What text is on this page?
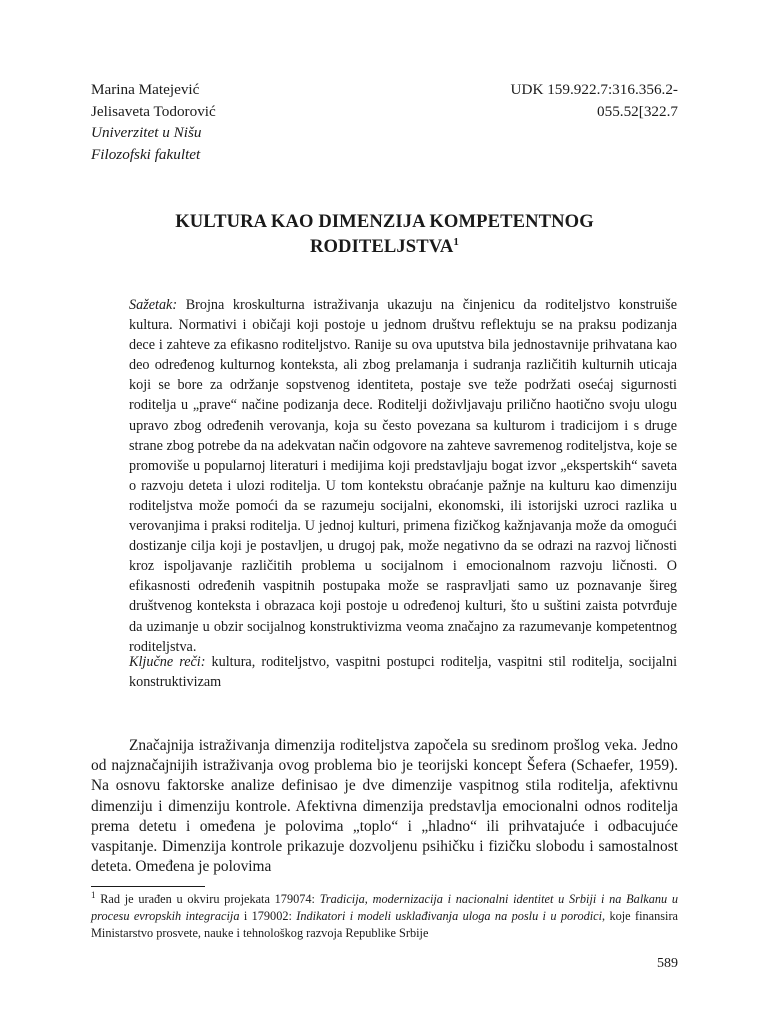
Marina Matejević
Jelisaveta Todorović
Univerzitet u Nišu
Filozofski fakultet
UDK 159.922.7:316.356.2-
055.52[322.7
KULTURA KAO DIMENZIJA KOMPETENTNOG
RODITELJSTVA$^1$

Sažetak: Brojna kroskulturna istraživanja ukazuju na činjenicu da roditeljstvo konstruiše kultura. Normativi i običaji koji postoje u jednom društvu reflektuju se na praksu podizanja dece i zahteve za efikasno roditeljstvo. Ranije su ova uputstva bila jednostavnije prihvatana kao deo određenog kulturnog konteksta, ali zbog prelamanja i sudranja različitih kulturnih uticaja koji se bore za održanje sopstvenog identiteta, postaje sve teže podržati osećaj sigurnosti roditelja u „prave“ načine podizanja dece. Roditelji doživljavaju prilično haotično svoju ulogu upravo zbog određenih verovanja, koja su često povezana sa kulturom i tradicijom i s druge strane zbog potrebe da na adekvatan način odgovore na zahteve savremenog roditeljstva, koje se promoviše u popularnoj literaturi i medijima koji predstavljaju bogat izvor „ekspertskih“ saveta o razvoju deteta i ulozi roditelja. U tom kontekstu obraćanje pažnje na kulturu kao dimenziju roditeljstva može pomoći da se razumeju socijalni, ekonomski, ili istorijski uzroci razlika u verovanjima i praksi roditelja. U jednoj kulturi, primena fizičkog kažnjavanja može da omogući dostizanje cilja koji je postavljen, u drugoj pak, može negativno da se odrazi na razvoj ličnosti kroz ispoljavanje različitih problema u socijalnom i emocionalnom razvoju ličnosti. O efikasnosti određenih vaspitnih postupaka može se raspravljati samo uz poznavanje šireg društvenog konteksta i obrazaca koji postoje u određenoj kulturi, što u suštini zaista potvrđuje da uzimanje u obzir socijalnog konstruktivizma veoma značajno za razumevanje kompetentnog roditeljstva.

Ključne reči: kultura, roditeljstvo, vaspitni postupci roditelja, vaspitni stil roditelja, socijalni konstruktivizam

Značajnija istraživanja dimenzija roditeljstva započela su sredinom prošlog veka. Jedno od najznačajnijih istraživanja ovog problema bio je teorijski koncept Šefera (Schaefer, 1959). Na osnovu faktorske analize definisao je dve dimenzije vaspitnog stila roditelja, afektivnu dimenziju i dimenziju kontrole. Afektivna dimenzija predstavlja emocionalni odnos roditelja prema detetu i omeđena je polovima „toplo“ i „hladno“ ili prihvatajuće i odbacujuće vaspitanje. Dimenzija kontrole prikazuje dozvoljenu psihičku i fizičku slobodu i samostalnost deteta. Omeđena je polovima

$^1$ Rad je urađen u okviru projekata 179074: Tradicija, modernizacija i nacionalni identitet u Srbiji i na Balkanu u procesu evropskih integracija i 179002: Indikatori i modeli usklađivanja uloga na poslu i u porodici, koje finansira Ministarstvo prosvete, nauke i tehnološkog razvoja Republike Srbije
589
